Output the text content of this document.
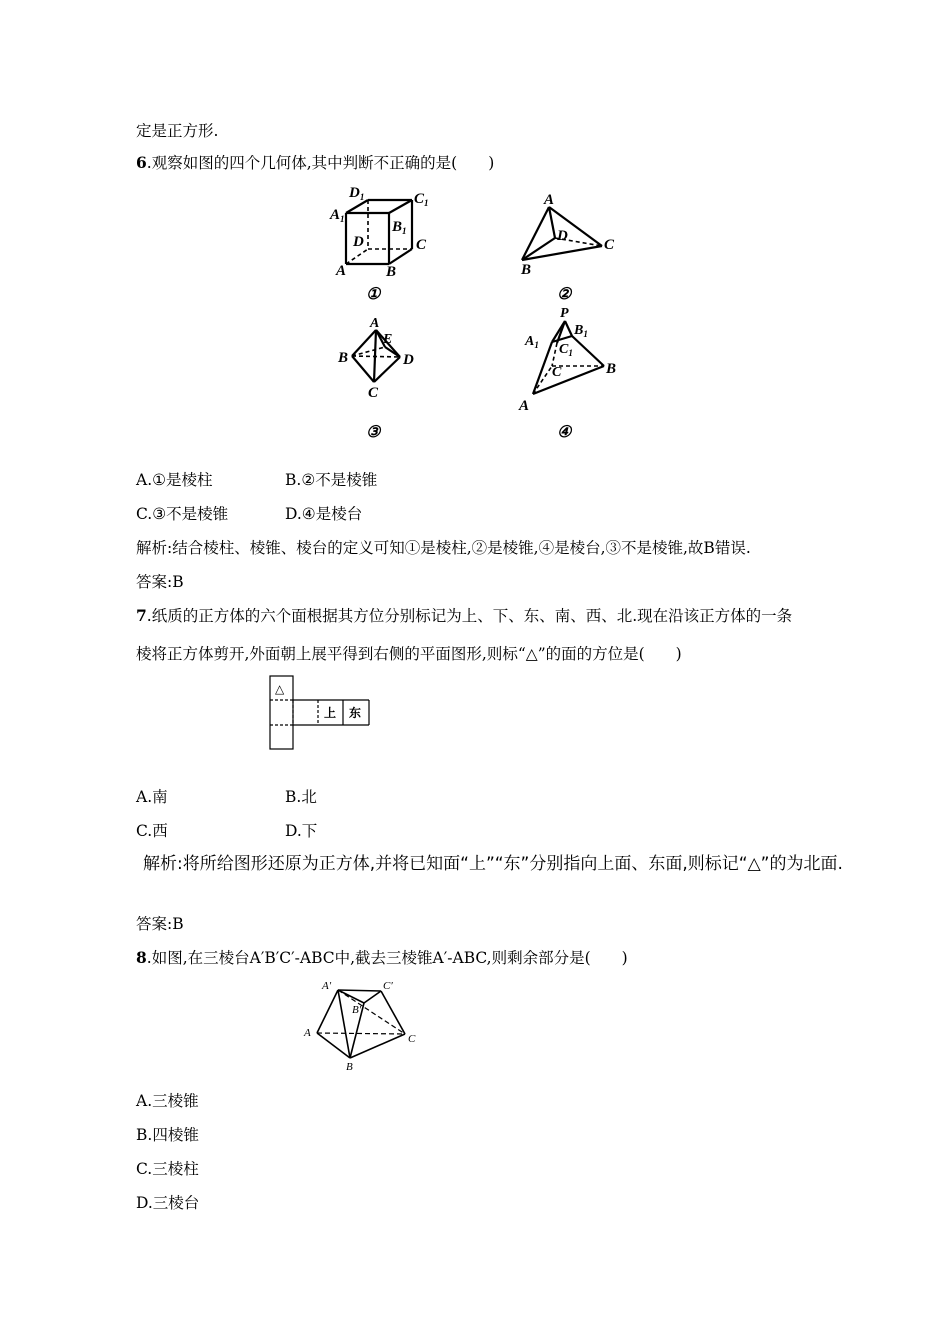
定是正方形.
6.观察如图的四个几何体,其中判断不正确的是(　　)
$D_1$	$C_1$
$A_1$	$B_1$
D	C
A	B
①
A
D
C
B
②
A
E
B	D
C
③
P
$A_1$
$B_1$
$C_1$
C	B
A
④
A.①是棱柱	B.②不是棱锥
C.③不是棱锥	D.④是棱台
解析:结合棱柱、棱锥、棱台的定义可知①是棱柱,②是棱锥,④是棱台,③不是棱锥,故B错误.
答案:B
7.纸质的正方体的六个面根据其方位分别标记为上、下、东、南、西、北.现在沿该正方体的一条
棱将正方体剪开,外面朝上展平得到右侧的平面图形,则标“△”的面的方位是(　　)
△
上 东
A.南	B.北
C.西	D.下
解析:将所给图形还原为正方体,并将已知面“上”“东”分别指向上面、东面,则标记“△”的为北面.
答案:B
8.如图,在三棱台A′B′C′-ABC中,截去三棱锥A′-ABC,则剩余部分是(　　)
A′	C′
B′
A	C
B
A.三棱锥
B.四棱锥
C.三棱柱
D.三棱台
